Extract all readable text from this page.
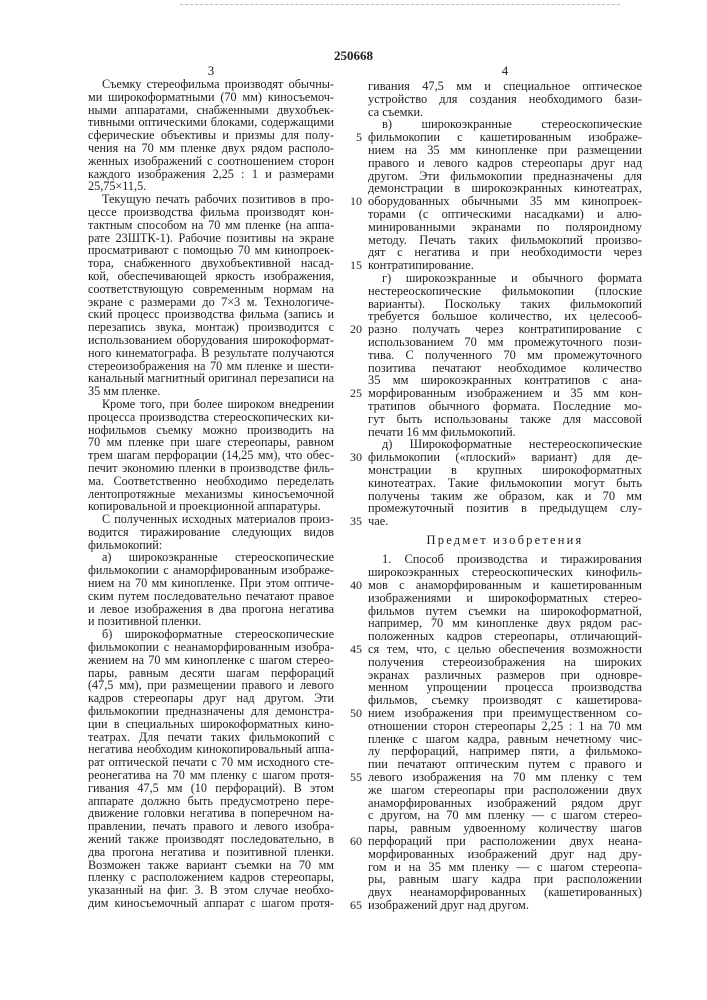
250668
3	4
Съемку стереофильма производят обычны-
ми широкоформатными (70 мм) киносъемоч-
ными аппаратами, снабженными двухобъек-
тивными оптическими блоками, содержащими
сферические объективы и призмы для полу-
чения на 70 мм пленке двух рядом располо-
женных изображений с соотношением сторон
каждого изображения 2,25 : 1 и размерами
25,75×11,5.
Текущую печать рабочих позитивов в про-
цессе производства фильма производят кон-
тактным способом на 70 мм пленке (на аппа-
рате 23ШТК-1). Рабочие позитивы на экране
просматривают с помощью 70 мм кинопроек-
тора, снабженного двухобъективной насад-
кой, обеспечивающей яркость изображения,
соответствующую современным нормам на
экране с размерами до 7×3 м. Технологиче-
ский процесс производства фильма (запись и
перезапись звука, монтаж) производится с
использованием оборудования широкоформат-
ного кинематографа. В результате получаются
стереоизображения на 70 мм пленке и шести-
канальный магнитный оригинал перезаписи на
35 мм пленке.
Кроме того, при более широком внедрении
процесса производства стереоскопических ки-
нофильмов съемку можно производить на
70 мм пленке при шаге стереопары, равном
трем шагам перфорации (14,25 мм), что обес-
печит экономию пленки в производстве филь-
ма. Соответственно необходимо переделать
лентопротяжные механизмы киносъемочной
копировальной и проекционной аппаратуры.
С полученных исходных материалов произ-
водится тиражирование следующих видов
фильмокопий:
а) широкоэкранные стереоскопические
фильмокопии с анаморфированным изображе-
нием на 70 мм кинопленке. При этом оптиче-
ским путем последовательно печатают правое
и левое изображения в два прогона негатива
и позитивной пленки.
б) широкоформатные стереоскопические
фильмокопии с неанаморфированным изобра-
жением на 70 мм кинопленке с шагом стерео-
пары, равным десяти шагам перфораций
(47,5 мм), при размещении правого и левого
кадров стереопары друг над другом. Эти
фильмокопии предназначены для демонстра-
ции в специальных широкоформатных кино-
театрах. Для печати таких фильмокопий с
негатива необходим кинокопировальный аппа-
рат оптической печати с 70 мм исходного сте-
реонегатива на 70 мм пленку с шагом протя-
гивания 47,5 мм (10 перфораций). В этом
аппарате должно быть предусмотрено пере-
движение головки негатива в поперечном на-
правлении, печать правого и левого изобра-
жений также производят последовательно, в
два прогона негатива и позитивной пленки.
Возможен также вариант съемки на 70 мм
пленку с расположением кадров стереопары,
указанный на фиг. 3. В этом случае необхо-
дим киносъемочный аппарат с шагом протя-
5
10
15
20
25
30
35
40
45
50
55
60
65
гивания 47,5 мм и специальное оптическое
устройство для создания необходимого бази-
са съемки.
в) широкоэкранные стереоскопические
фильмокопии с кашетированным изображе-
нием на 35 мм кинопленке при размещении
правого и левого кадров стереопары друг над
другом. Эти фильмокопии предназначены для
демонстрации в широкоэкранных кинотеатрах,
оборудованных обычными 35 мм кинопроек-
торами (с оптическими насадками) и алю-
минированными экранами по поляроидному
методу. Печать таких фильмокопий произво-
дят с негатива и при необходимости через
контратипирование.
г) широкоэкранные и обычного формата
нестереоскопические фильмокопии (плоские
варианты). Поскольку таких фильмокопий
требуется большое количество, их целесооб-
разно получать через контратипирование с
использованием 70 мм промежуточного пози-
тива. С полученного 70 мм промежуточного
позитива печатают необходимое количество
35 мм широкоэкранных контратипов с ана-
морфированным изображением и 35 мм кон-
тратипов обычного формата. Последние мо-
гут быть использованы также для массовой
печати 16 мм фильмокопий.
д) Широкоформатные нестереоскопические
фильмокопии («плоский» вариант) для де-
монстрации в крупных широкоформатных
кинотеатрах. Такие фильмокопии могут быть
получены таким же образом, как и 70 мм
промежуточный позитив в предыдущем слу-
чае.
Предмет изобретения
1. Способ производства и тиражирования
широкоэкранных стереоскопических кинофиль-
мов с анаморфированным и кашетированным
изображениями и широкоформатных стерео-
фильмов путем съемки на широкоформатной,
например, 70 мм кинопленке двух рядом рас-
положенных кадров стереопары, отличающий-
ся тем, что, с целью обеспечения возможности
получения стереоизображения на широких
экранах различных размеров при одновре-
менном упрощении процесса производства
фильмов, съемку производят с кашетирова-
нием изображения при преимущественном со-
отношении сторон стереопары 2,25 : 1 на 70 мм
пленке с шагом кадра, равным нечетному чис-
лу перфораций, например пяти, а фильмоко-
пии печатают оптическим путем с правого и
левого изображения на 70 мм пленку с тем
же шагом стереопары при расположении двух
анаморфированных изображений рядом друг
с другом, на 70 мм пленку — с шагом стерео-
пары, равным удвоенному количеству шагов
перфораций при расположении двух неана-
морфированных изображений друг над дру-
гом и на 35 мм пленку — с шагом стереопа-
ры, равным шагу кадра при расположении
двух неанаморфированных (кашетированных)
изображений друг над другом.
